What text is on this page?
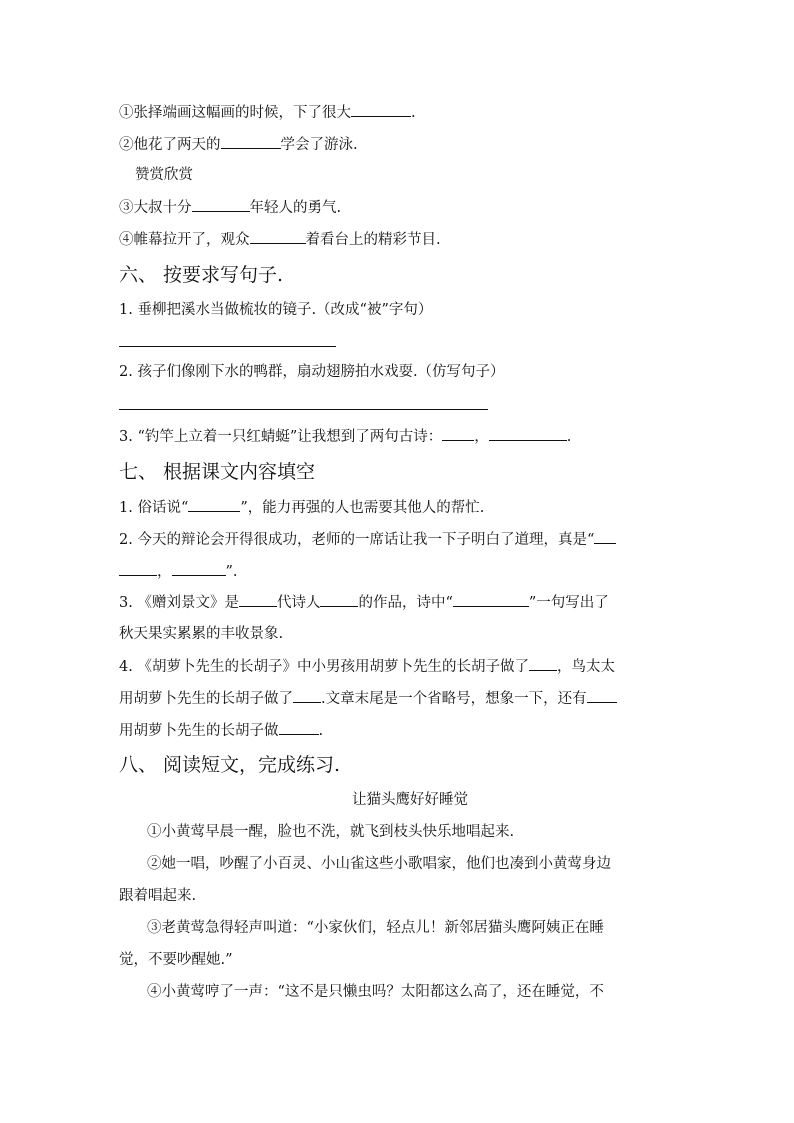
①张择端画这幅画的时候，下了很大	.
②他花了两天的	学会了游泳.
赞赏欣赏
③大叔十分	年轻人的勇气.
④帷幕拉开了，观众	着看台上的精彩节目.
六、 按要求写句子.
1. 垂柳把溪水当做梳妆的镜子.（改成“被”字句）
2. 孩子们像刚下水的鸭群，扇动翅膀拍水戏耍.（仿写句子）
3. “钓竿上立着一只红蜻蜓”让我想到了两句古诗： ，	.
七、 根据课文内容填空
1. 俗话说“	”，能力再强的人也需要其他人的帮忙.
2. 今天的辩论会开得很成功，老师的一席话让我一下子明白了道理，真是“
，	”.
3. 《赠刘景文》是	代诗人	的作品，诗中“	”一句写出了
秋天果实累累的丰收景象.
4. 《胡萝卜先生的长胡子》中小男孩用胡萝卜先生的长胡子做了 ，鸟太太
用胡萝卜先生的长胡子做了 .文章末尾是一个省略号，想象一下，还有
用胡萝卜先生的长胡子做	.
八、 阅读短文，完成练习.
让猫头鹰好好睡觉
①小黄莺早晨一醒，脸也不洗，就飞到枝头快乐地唱起来.
②她一唱，吵醒了小百灵、小山雀这些小歌唱家，他们也凑到小黄莺身边
跟着唱起来.
③老黄莺急得轻声叫道：“小家伙们，轻点儿！新邻居猫头鹰阿姨正在睡
觉，不要吵醒她.”
④小黄莺哼了一声：“这不是只懒虫吗？太阳都这么高了，还在睡觉，不
